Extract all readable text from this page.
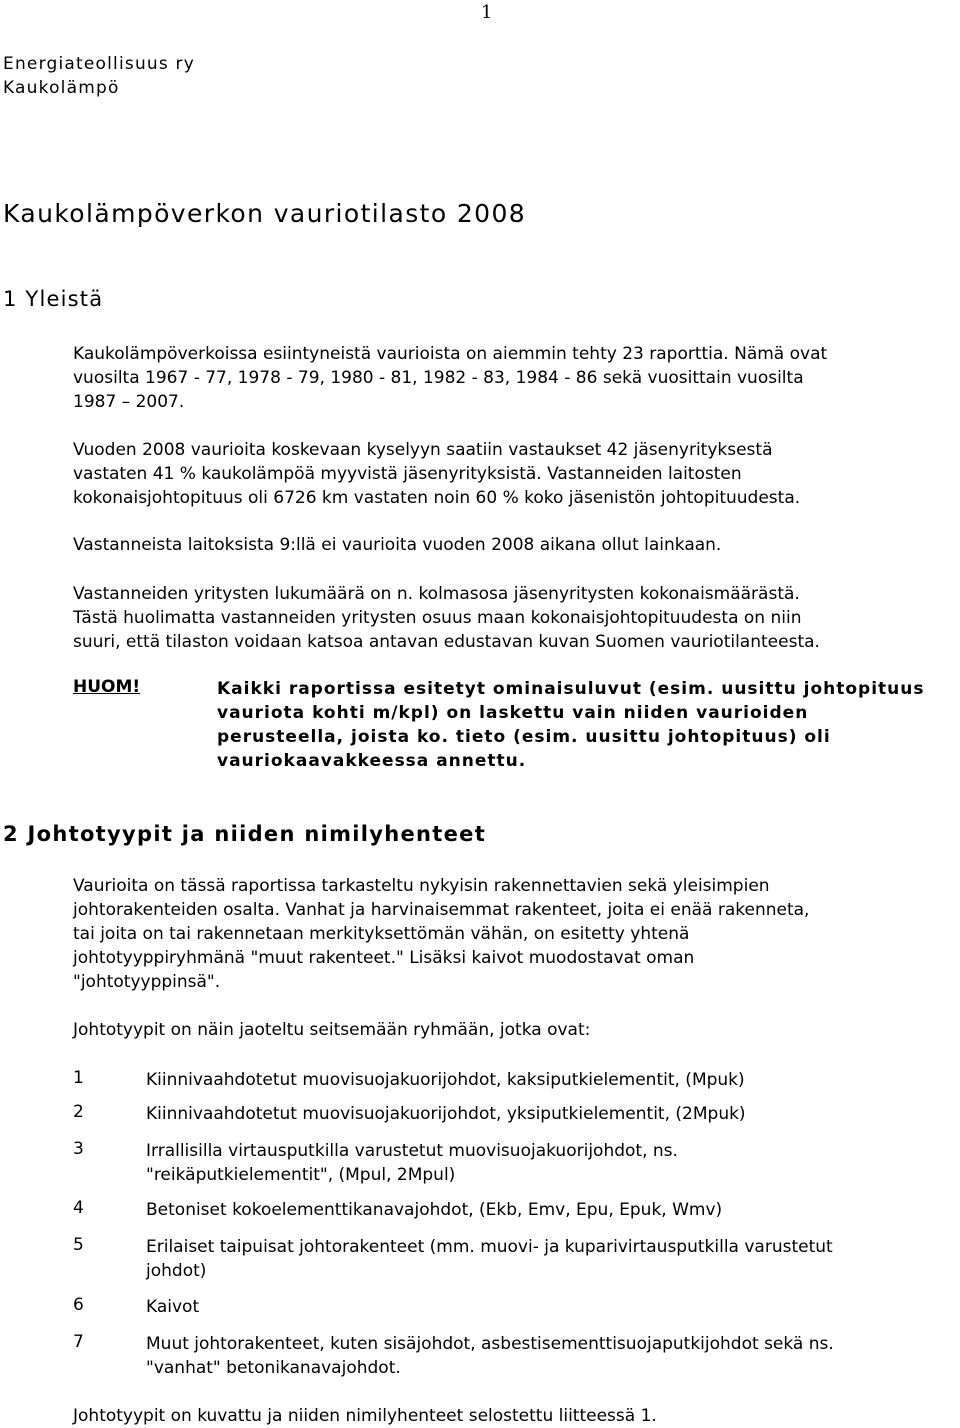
1
Energiateollisuus ry
Kaukolämpö
Kaukolämpöverkon vauriotilasto 2008
1 Yleistä
Kaukolämpöverkoissa esiintyneistä vaurioista on aiemmin tehty 23 raporttia. Nämä ovat
vuosilta 1967 - 77, 1978 - 79, 1980 - 81, 1982 - 83, 1984 - 86 sekä vuosittain vuosilta
1987 – 2007.
Vuoden 2008 vaurioita koskevaan kyselyyn saatiin vastaukset 42 jäsenyrityksestä
vastaten 41 % kaukolämpöä myyvistä jäsenyrityksistä. Vastanneiden laitosten
kokonaisjohtopituus oli 6726 km vastaten noin 60 % koko jäsenistön johtopituudesta.
Vastanneista laitoksista 9:llä ei vaurioita vuoden 2008 aikana ollut lainkaan.
Vastanneiden yritysten lukumäärä on n. kolmasosa jäsenyritysten kokonaismäärästä.
Tästä huolimatta vastanneiden yritysten osuus maan kokonaisjohtopituudesta on niin
suuri, että tilaston voidaan katsoa antavan edustavan kuvan Suomen vauriotilanteesta.
HUOM!	Kaikki raportissa esitetyt ominaisuluvut (esim. uusittu johtopituus
vauriota kohti m/kpl) on laskettu vain niiden vaurioiden
perusteella, joista ko. tieto (esim. uusittu johtopituus) oli
vauriokaavakkeessa annettu.
2 Johtotyypit ja niiden nimilyhenteet
Vaurioita on tässä raportissa tarkasteltu nykyisin rakennettavien sekä yleisimpien
johtorakenteiden osalta. Vanhat ja harvinaisemmat rakenteet, joita ei enää rakenneta,
tai joita on tai rakennetaan merkityksettömän vähän, on esitetty yhtenä
johtotyyppiryhmänä "muut rakenteet." Lisäksi kaivot muodostavat oman
"johtotyyppinsä".
Johtotyypit on näin jaoteltu seitsemään ryhmään, jotka ovat:
1	Kiinnivaahdotetut muovisuojakuorijohdot, kaksiputkielementit, (Mpuk)
2	Kiinnivaahdotetut muovisuojakuorijohdot, yksiputkielementit, (2Mpuk)
3	Irrallisilla virtausputkilla varustetut muovisuojakuorijohdot, ns.
"reikäputkielementit", (Mpul, 2Mpul)
4	Betoniset kokoelementtikanavajohdot, (Ekb, Emv, Epu, Epuk, Wmv)
5	Erilaiset taipuisat johtorakenteet (mm. muovi- ja kuparivirtausputkilla varustetut
johdot)
6	Kaivot
7	Muut johtorakenteet, kuten sisäjohdot, asbestisementtisuojaputkijohdot sekä ns.
"vanhat" betonikanavajohdot.
Johtotyypit on kuvattu ja niiden nimilyhenteet selostettu liitteessä 1.
